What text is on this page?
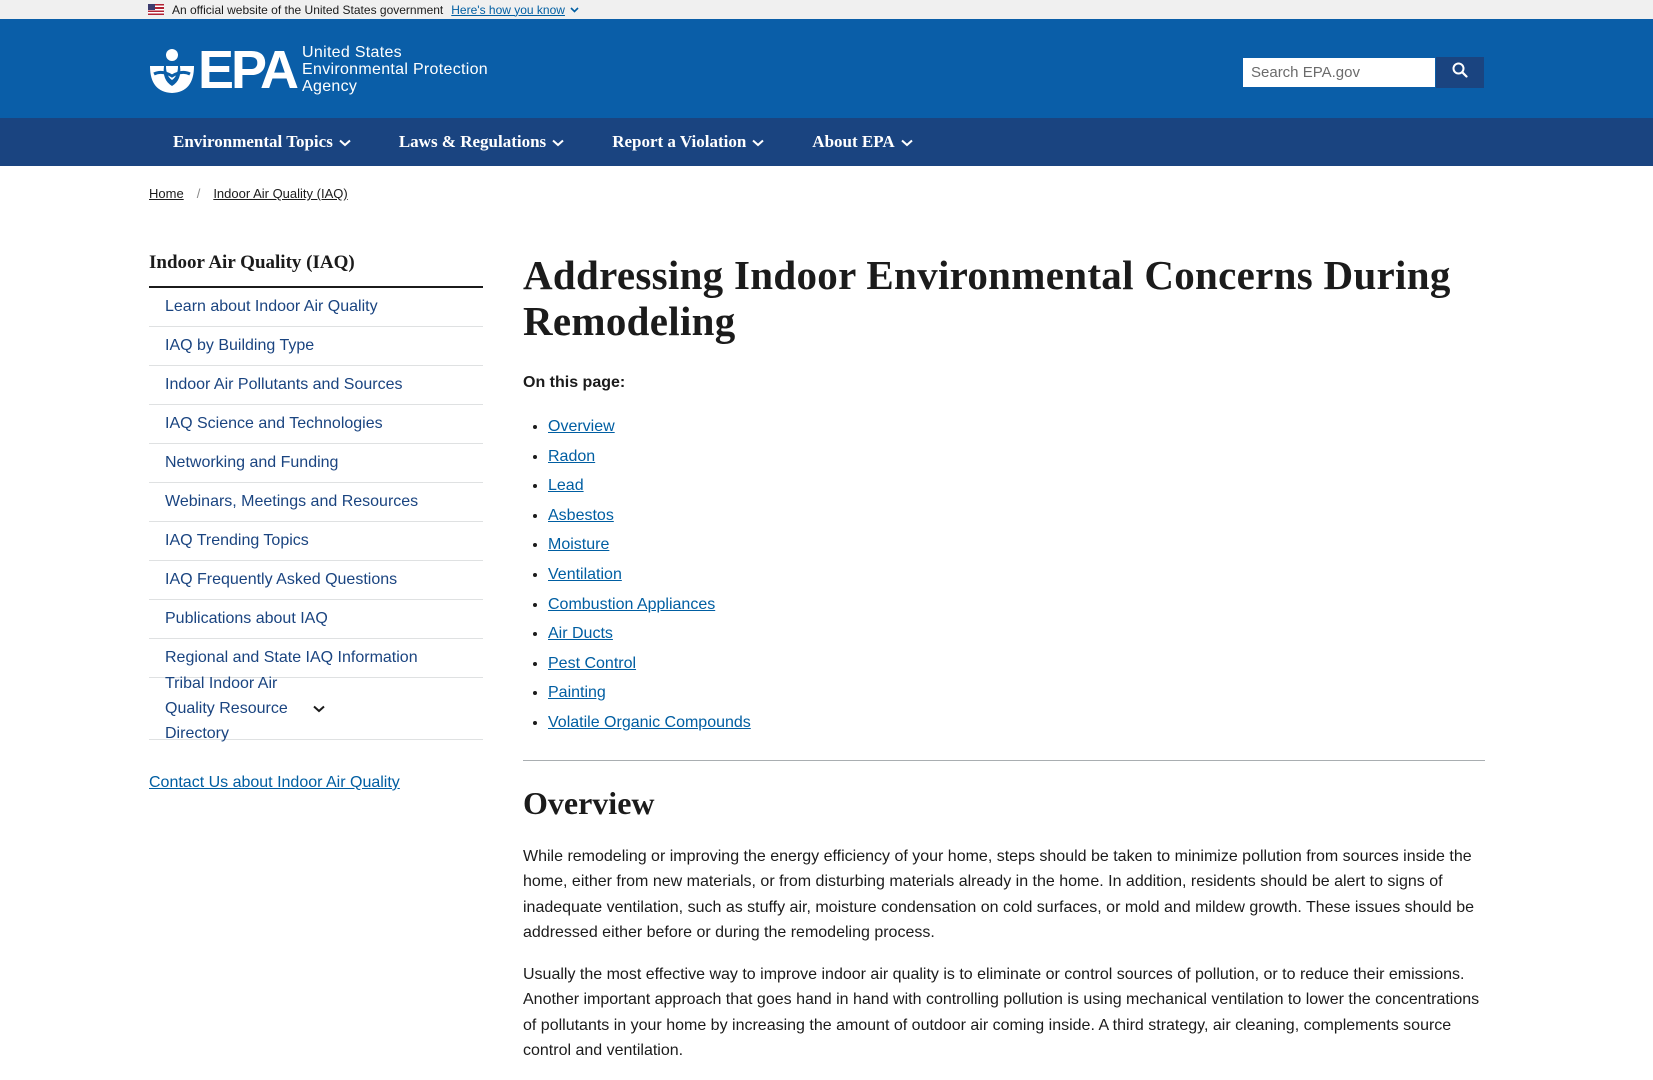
An official website of the United States government Here's how you know
EPA United States
Environmental Protection
Agency
Search EPA.gov
Environmental Topics	Laws & Regulations	Report a Violation	About EPA
Home / Indoor Air Quality (IAQ)
Indoor Air Quality (IAQ)
Learn about Indoor Air Quality
IAQ by Building Type
Indoor Air Pollutants and Sources
IAQ Science and Technologies
Networking and Funding
Webinars, Meetings and Resources
IAQ Trending Topics
IAQ Frequently Asked Questions
Publications about IAQ
Regional and State IAQ Information
Tribal Indoor Air Quality Resource Directory
Contact Us about Indoor Air Quality
Addressing Indoor Environmental Concerns During Remodeling
On this page:
• Overview
• Radon
• Lead
• Asbestos
• Moisture
• Ventilation
• Combustion Appliances
• Air Ducts
• Pest Control
• Painting
• Volatile Organic Compounds
Overview

While remodeling or improving the energy efficiency of your home, steps should be taken to minimize pollution from sources inside the home, either from new materials, or from disturbing materials already in the home. In addition, residents should be alert to signs of inadequate ventilation, such as stuffy air, moisture condensation on cold surfaces, or mold and mildew growth. These issues should be addressed either before or during the remodeling process.

Usually the most effective way to improve indoor air quality is to eliminate or control sources of pollution, or to reduce their emissions. Another important approach that goes hand in hand with controlling pollution is using mechanical ventilation to lower the concentrations of pollutants in your home by increasing the amount of outdoor air coming inside. A third strategy, air cleaning, complements source control and ventilation.
